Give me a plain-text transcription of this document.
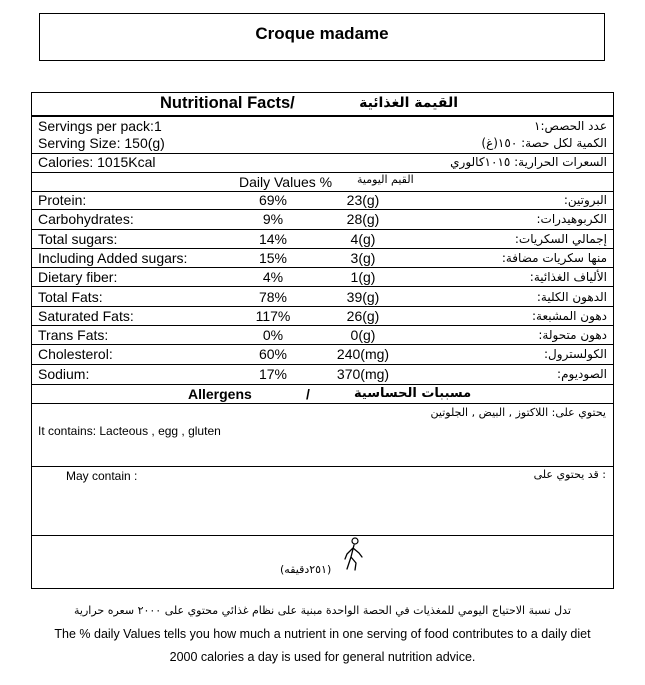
Croque madame
Nutritional Facts/	القيمة الغذائية
Servings per pack:1	عدد الحصص:١
Serving Size: 150(g)	الكمية لكل حصة: ١٥٠(غ)
Calories: 1015Kcal	السعرات الحرارية: ١٠١٥كالوري
Daily Values % القيم اليومية
Protein:	69%	23(g)	البروتين:
Carbohydrates:	9%	28(g)	الكربوهيدرات:
Total sugars:	14%	4(g)	إجمالي السكريات:
Including Added sugars:	15%	3(g)	منها سكريات مضافة:
Dietary fiber:	4%	1(g)	الألياف الغذائية:
Total Fats:	78%	39(g)	الدهون الكلية:
Saturated Fats:	117%	26(g)	دهون المشبعة:
Trans Fats:	0%	0(g)	دهون متحولة:
Cholesterol:	60%	240(mg)	الكولسترول:
Sodium:	17%	370(mg)	الصوديوم:
Allergens	/	مسببات الحساسية
يحتوي على: اللاكتوز , البيض , الجلوتين
It contains: Lacteous , egg , gluten
May contain :	: قد يحتوي على
(٢٥١دقيقه)
تدل نسبة الاحتياج اليومي للمغذيات في الحصة الواحدة مبنية على نظام غذائي محتوي على ٢٠٠٠ سعره حرارية
The % daily Values tells you how much a nutrient in one serving of food contributes to a daily diet
2000 calories a day is used for general nutrition advice.
